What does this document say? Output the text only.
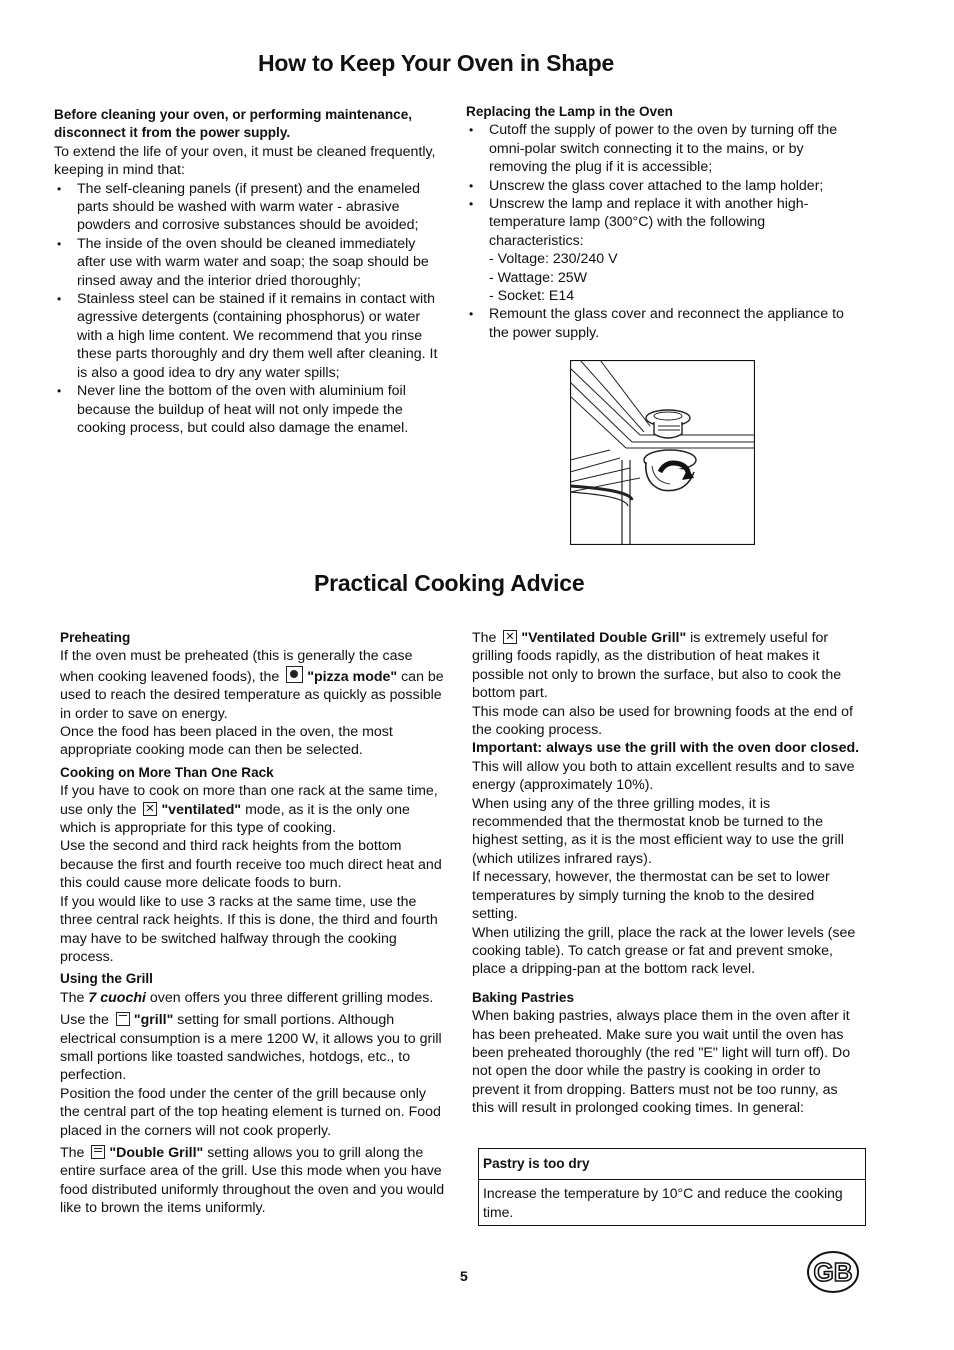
How to Keep Your Oven in Shape

Before cleaning your oven, or performing maintenance, disconnect it from the power supply.

To extend the life of your oven, it must be cleaned frequently, keeping in mind that:

• The self-cleaning panels (if present) and the enameled parts should be washed with warm water - abrasive powders and corrosive substances should be avoided;
• The inside of the oven should be cleaned immediately after use with warm water and soap; the soap should be rinsed away and the interior dried thoroughly;
• Stainless steel can be stained if it remains in contact with agressive detergents (containing phosphorus) or water with a high lime content. We recommend that you rinse these parts thoroughly and dry them well after cleaning. It is also a good idea to dry any water spills;
• Never line the bottom of the oven with aluminium foil because the buildup of heat will not only impede the cooking process, but could also damage the enamel.

Replacing the Lamp in the Oven

• Cutoff the supply of power to the oven by turning off the omni-polar switch connecting it to the mains, or by removing the plug if it is accessible;
• Unscrew the glass cover attached to the lamp holder;
• Unscrew the lamp and replace it with another high-temperature lamp (300°C) with the following characteristics:
- Voltage: 230/240 V
- Wattage: 25W
- Socket: E14
• Remount the glass cover and reconnect the appliance to the power supply.
Practical Cooking Advice

Preheating

If the oven must be preheated (this is generally the case when cooking leavened foods), the "pizza mode" can be used to reach the desired temperature as quickly as possible in order to save on energy.

Once the food has been placed in the oven, the most appropriate cooking mode can then be selected.

Cooking on More Than One Rack

If you have to cook on more than one rack at the same time, use only the ✕"ventilated" mode, as it is the only one which is appropriate for this type of cooking.

Use the second and third rack heights from the bottom because the first and fourth receive too much direct heat and this could cause more delicate foods to burn.

If you would like to use 3 racks at the same time, use the three central rack heights. If this is done, the third and fourth may have to be switched halfway through the cooking process.

Using the Grill

The 7 cuochi oven offers you three different grilling modes.

Use the "grill" setting for small portions. Although electrical consumption is a mere 1200 W, it allows you to grill small portions like toasted sandwiches, hotdogs, etc., to perfection.

Position the food under the center of the grill because only the central part of the top heating element is turned on. Food placed in the corners will not cook properly.

The "Double Grill" setting allows you to grill along the entire surface area of the grill. Use this mode when you have food distributed uniformly throughout the oven and you would like to brown the items uniformly.

The ✕"Ventilated Double Grill" is extremely useful for grilling foods rapidly, as the distribution of heat makes it possible not only to brown the surface, but also to cook the bottom part.

This mode can also be used for browning foods at the end of the cooking process.

Important: always use the grill with the oven door closed. This will allow you both to attain excellent results and to save energy (approximately 10%).

When using any of the three grilling modes, it is recommended that the thermostat knob be turned to the highest setting, as it is the most efficient way to use the grill (which utilizes infrared rays).

If necessary, however, the thermostat can be set to lower temperatures by simply turning the knob to the desired setting.

When utilizing the grill, place the rack at the lower levels (see cooking table). To catch grease or fat and prevent smoke, place a dripping-pan at the bottom rack level.

Baking Pastries

When baking pastries, always place them in the oven after it has been preheated. Make sure you wait until the oven has been preheated thoroughly (the red "E" light will turn off). Do not open the door while the pastry is cooking in order to prevent it from dropping. Batters must not be too runny, as this will result in prolonged cooking times. In general:

Pastry is too dry
Increase the temperature by 10°C and reduce the cooking time.
5	GB
